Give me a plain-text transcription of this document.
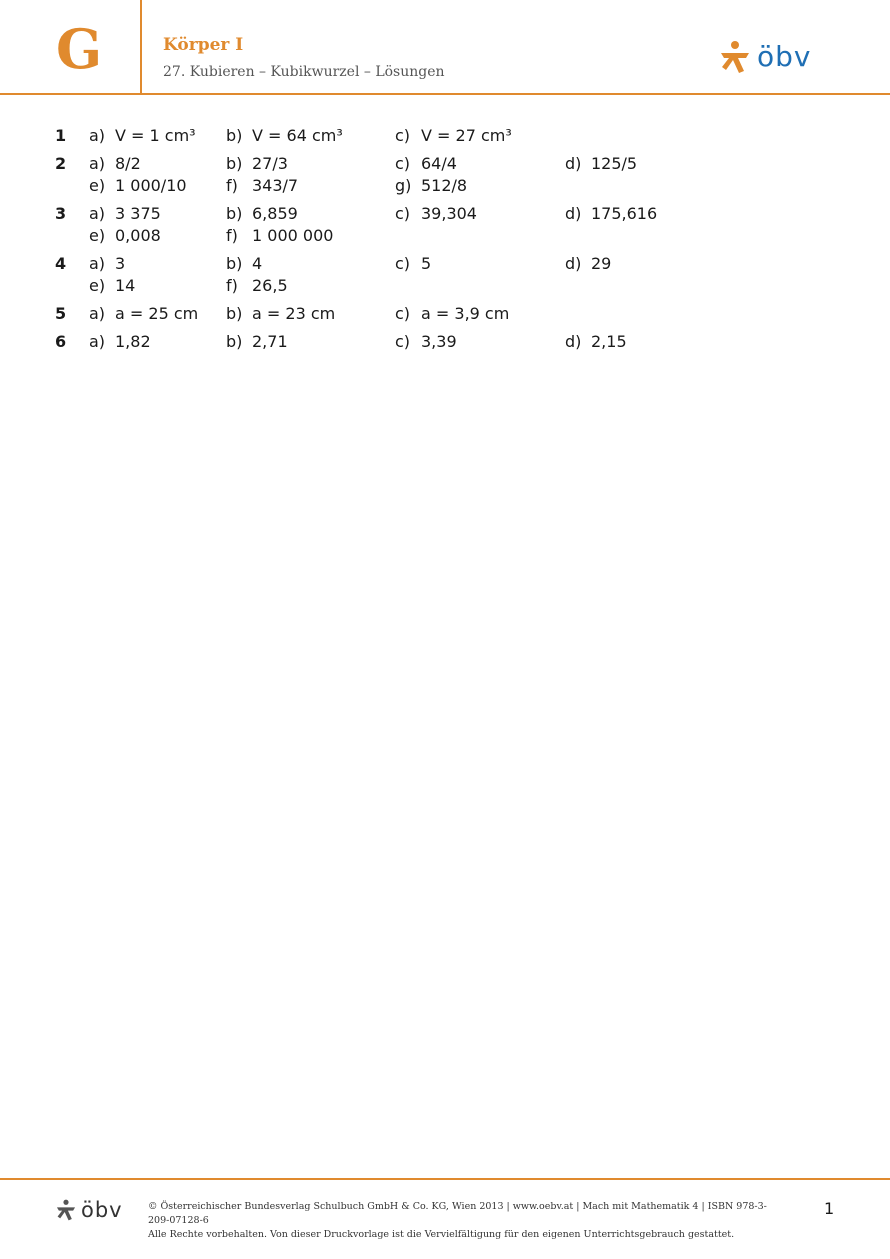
G	Körper I
27. Kubieren – Kubikwurzel – Lösungen	öbv
1 a) V = 1 cm³ b) V = 64 cm³	c) V = 27 cm³
2 a) 8/2	b) 27/3	c) 64/4	d) 125/5
e) 1 000/10 f) 343/7	g) 512/8
3 a) 3 375	b) 6,859	c) 39,304	d) 175,616
e) 0,008	f) 1 000 000
4 a) 3	b) 4	c) 5	d) 29
e) 14	f) 26,5
5 a) a = 25 cm b) a = 23 cm	c) a = 3,9 cm
6 a) 1,82	b) 2,71	c) 3,39	d) 2,15
öbv	© Österreichischer Bundesverlag Schulbuch GmbH & Co. KG, Wien 2013 | www.oebv.at | Mach mit Mathematik 4 | ISBN 978-3-209-07128-6
Alle Rechte vorbehalten. Von dieser Druckvorlage ist die Vervielfältigung für den eigenen Unterrichtsgebrauch gestattet.
1
